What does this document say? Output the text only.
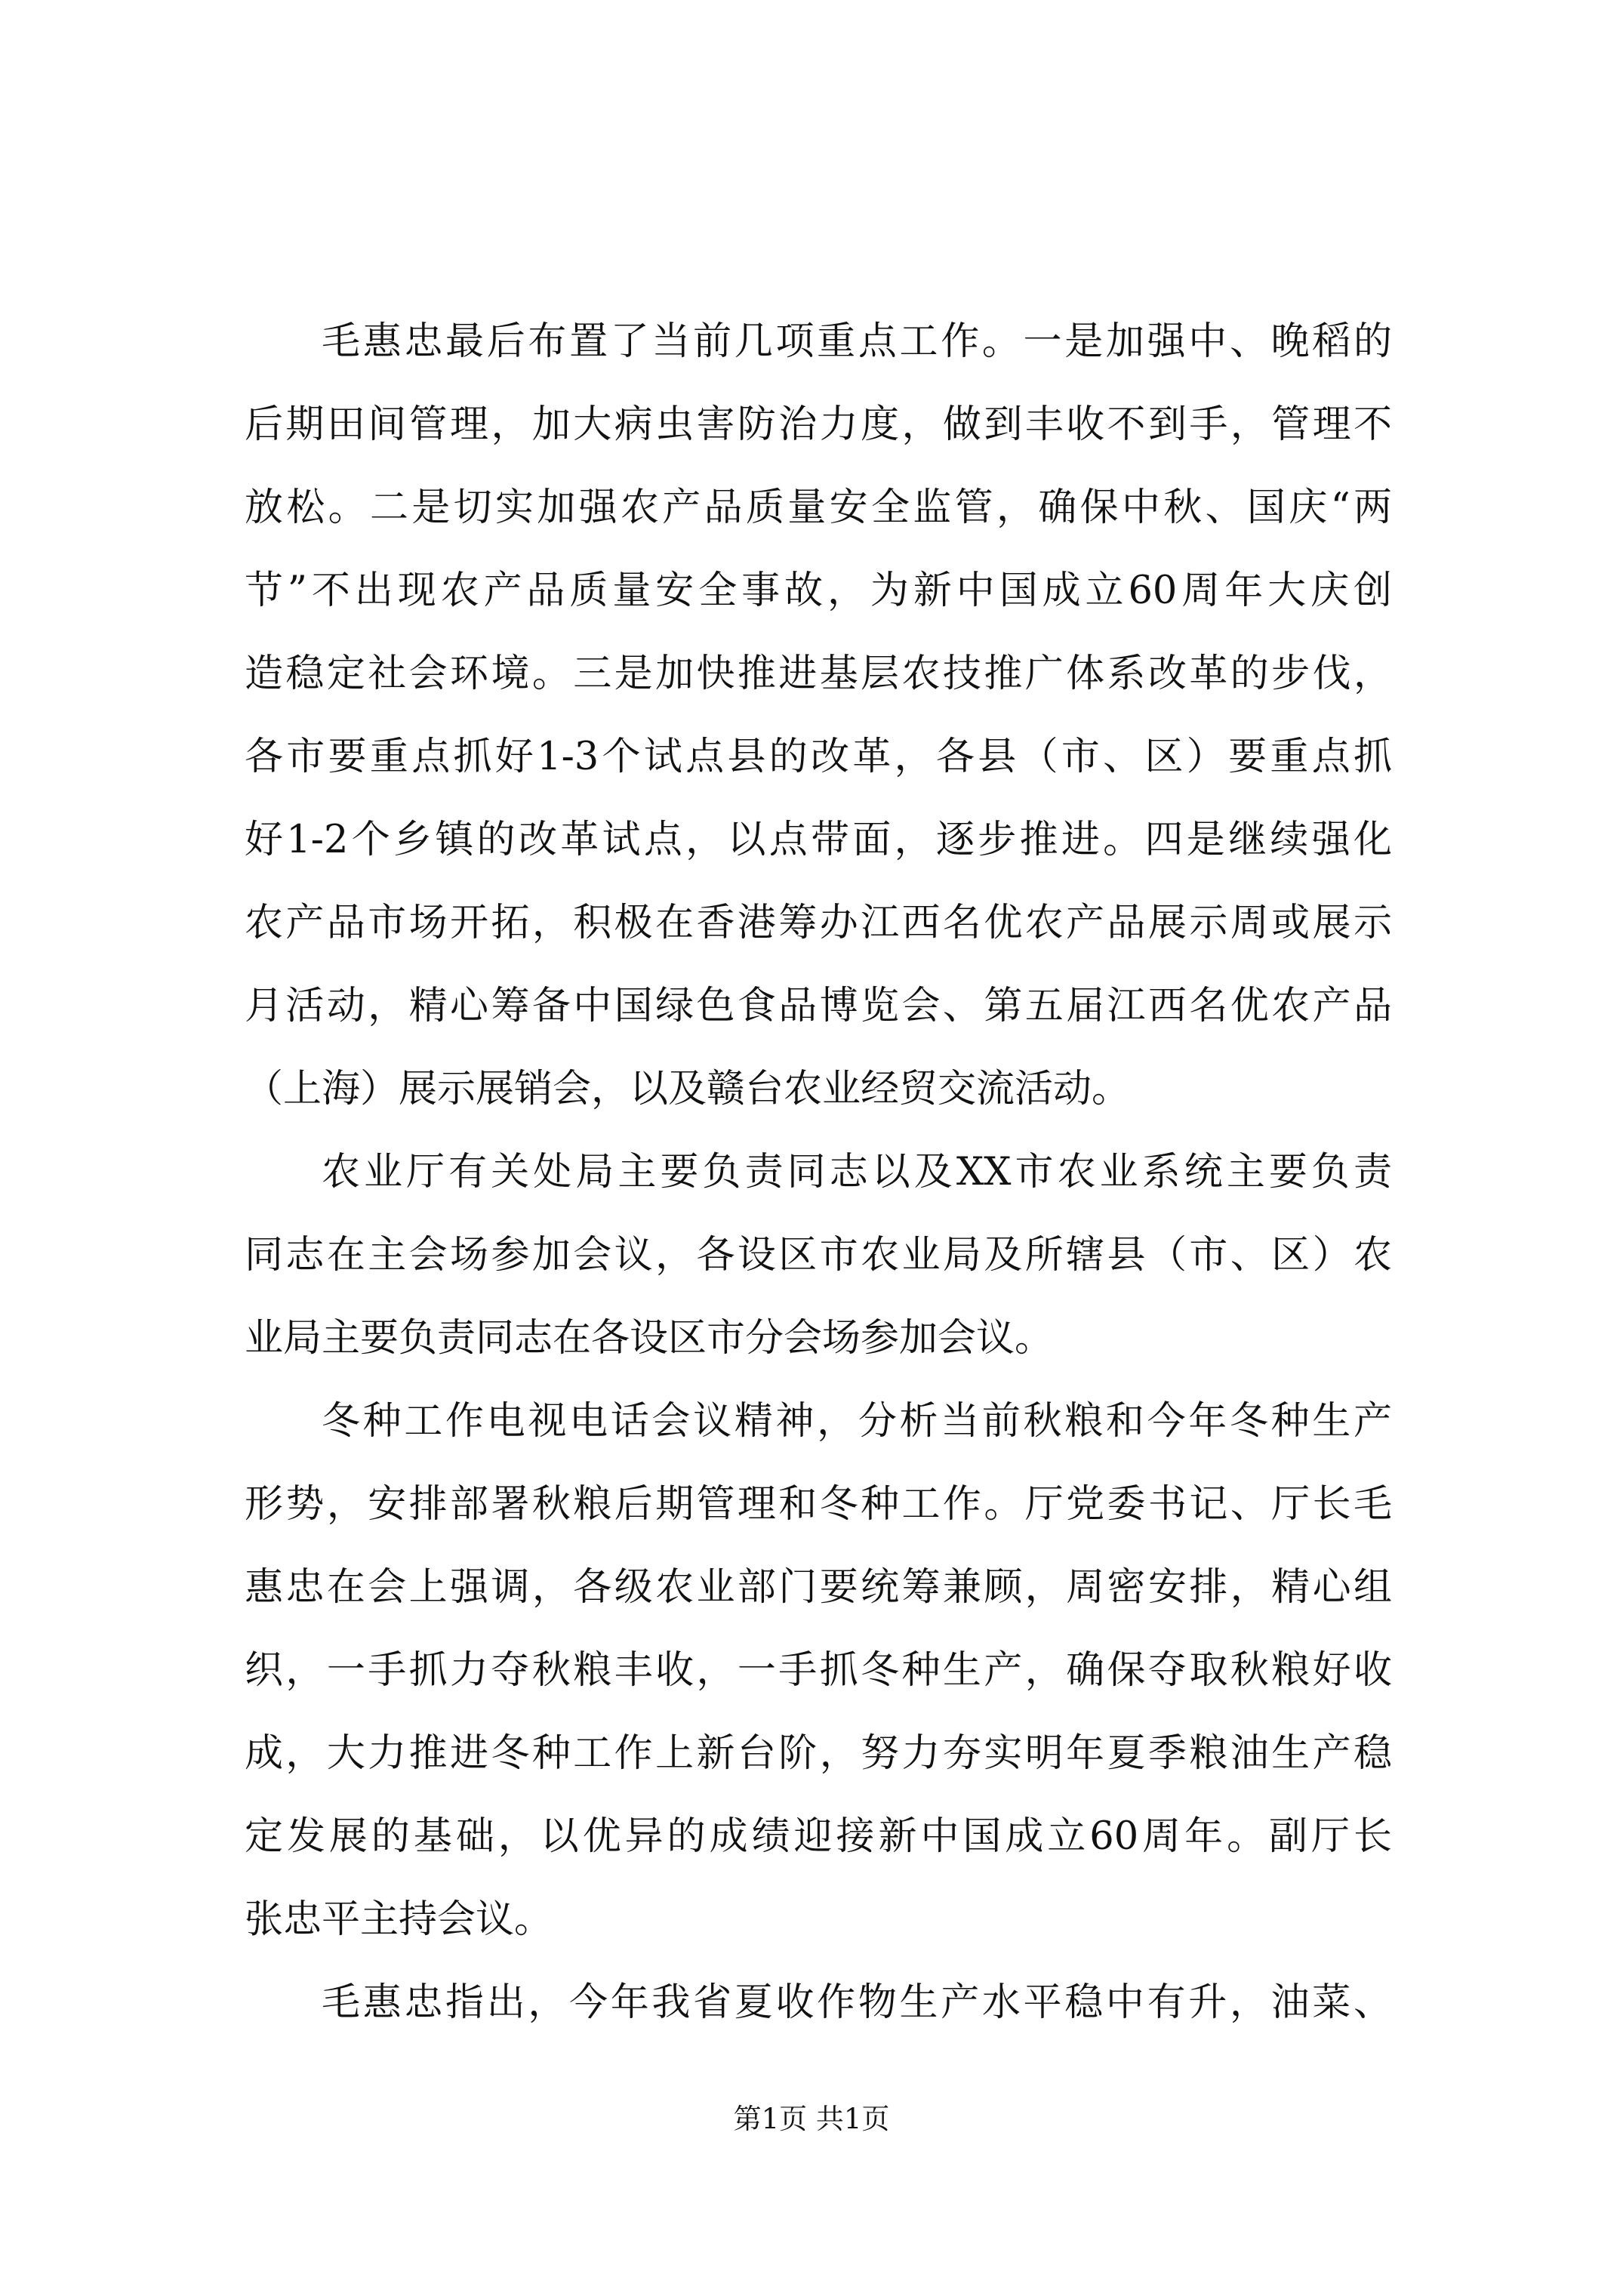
毛惠忠最后布置了当前几项重点工作。一是加强中、晚稻的
后期田间管理，加大病虫害防治力度，做到丰收不到手，管理不
放松。二是切实加强农产品质量安全监管，确保中秋、国庆“两
节”不出现农产品质量安全事故，为新中国成立60周年大庆创
造稳定社会环境。三是加快推进基层农技推广体系改革的步伐，
各市要重点抓好1-3个试点县的改革，各县（市、区）要重点抓
好1-2个乡镇的改革试点，以点带面，逐步推进。四是继续强化
农产品市场开拓，积极在香港筹办江西名优农产品展示周或展示
月活动，精心筹备中国绿色食品博览会、第五届江西名优农产品
（上海）展示展销会，以及赣台农业经贸交流活动。
农业厅有关处局主要负责同志以及XX市农业系统主要负责
同志在主会场参加会议，各设区市农业局及所辖县（市、区）农
业局主要负责同志在各设区市分会场参加会议。
冬种工作电视电话会议精神，分析当前秋粮和今年冬种生产
形势，安排部署秋粮后期管理和冬种工作。厅党委书记、厅长毛
惠忠在会上强调，各级农业部门要统筹兼顾，周密安排，精心组
织，一手抓力夺秋粮丰收，一手抓冬种生产，确保夺取秋粮好收
成，大力推进冬种工作上新台阶，努力夯实明年夏季粮油生产稳
定发展的基础，以优异的成绩迎接新中国成立60周年。副厅长
张忠平主持会议。
毛惠忠指出，今年我省夏收作物生产水平稳中有升，油菜、
第1页 共1页
